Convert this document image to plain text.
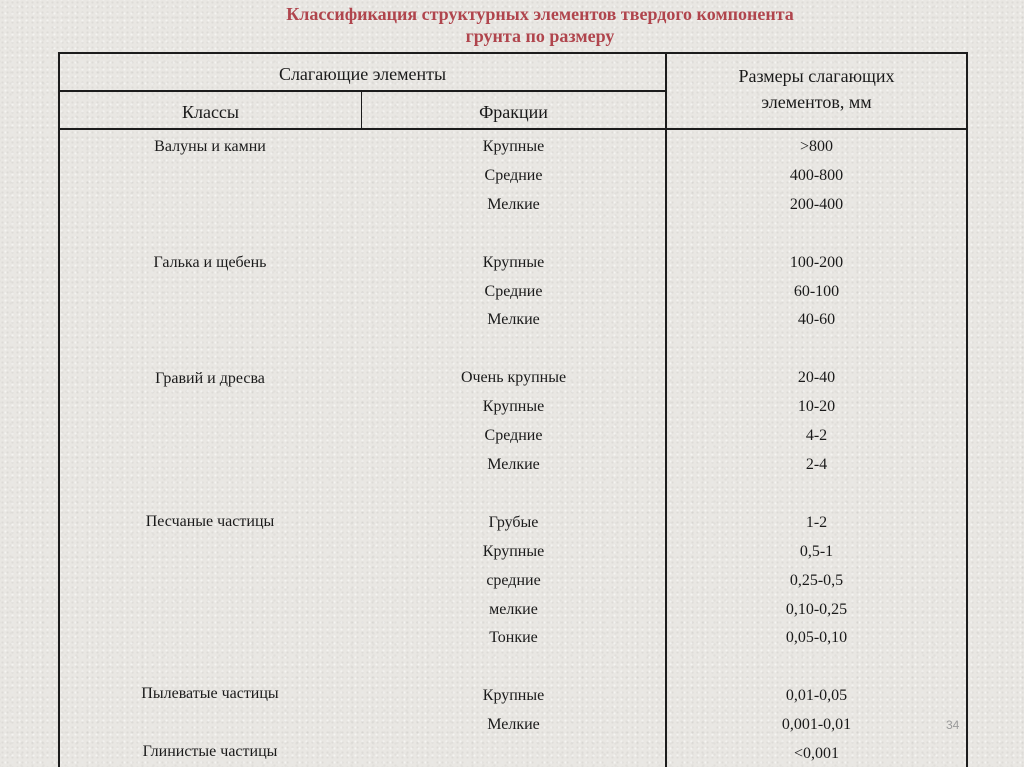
Классификация структурных элементов твердого компонента
грунта по размеру
Слагающие элементы
Классы	Фракции
Размеры слагающих
элементов, мм
Валуны и камни
Галька и щебень
Гравий и дресва
Песчаные частицы
Пылеватые частицы
Глинистые частицы
Крупные
Средние
Мелкие

Крупные
Средние
Мелкие

Очень крупные
Крупные
Средние
Мелкие

Грубые
Крупные
средние
мелкие
Тонкие

Крупные
Мелкие

>800
400-800
200-400

100-200
60-100
40-60

20-40
10-20
4-2
2-4

1-2
0,5-1
0,25-0,5
0,10-0,25
0,05-0,10

0,01-0,05
0,001-0,01
<0,001
34
